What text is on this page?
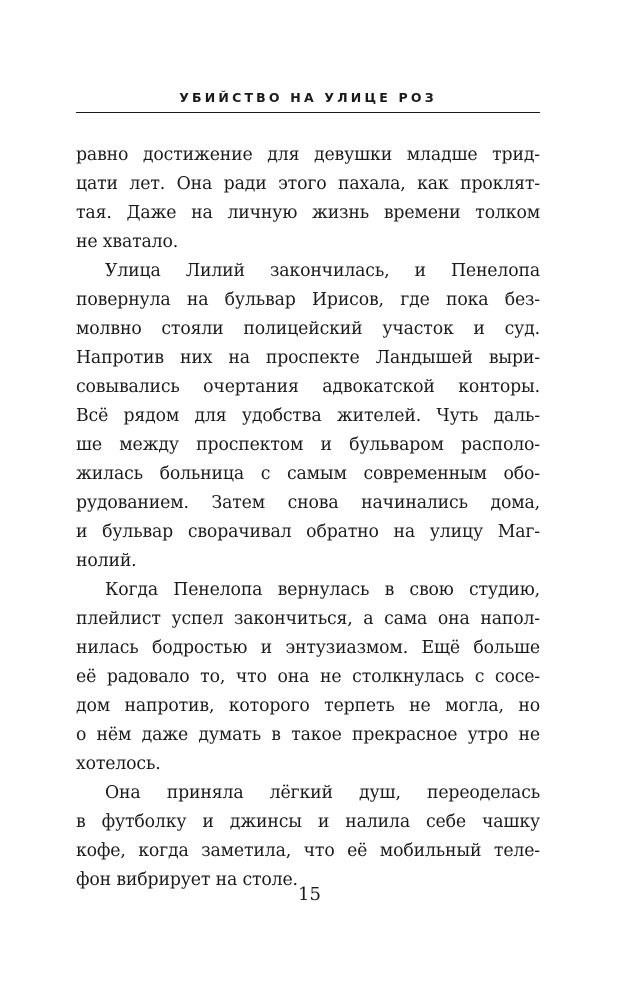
УБИЙСТВО НА УЛИЦЕ РОЗ
равно достижение для девушки младше трид-
цати лет. Она ради этого пахала, как проклят-
тая. Даже на личную жизнь времени толком
не хватало.
Улица Лилий закончилась, и Пенелопа
повернула на бульвар Ирисов, где пока без-
молвно стояли полицейский участок и суд.
Напротив них на проспекте Ландышей выри-
совывались очертания адвокатской конторы.
Всё рядом для удобства жителей. Чуть даль-
ше между проспектом и бульваром располо-
жилась больница с самым современным обо-
рудованием. Затем снова начинались дома,
и бульвар сворачивал обратно на улицу Маг-
нолий.
Когда Пенелопа вернулась в свою студию,
плейлист успел закончиться, а сама она напол-
нилась бодростью и энтузиазмом. Ещё больше
её радовало то, что она не столкнулась с сосе-
дом напротив, которого терпеть не могла, но
о нём даже думать в такое прекрасное утро не
хотелось.
Она приняла лёгкий душ, переоделась
в футболку и джинсы и налила себе чашку
кофе, когда заметила, что её мобильный теле-
фон вибрирует на столе.
15
